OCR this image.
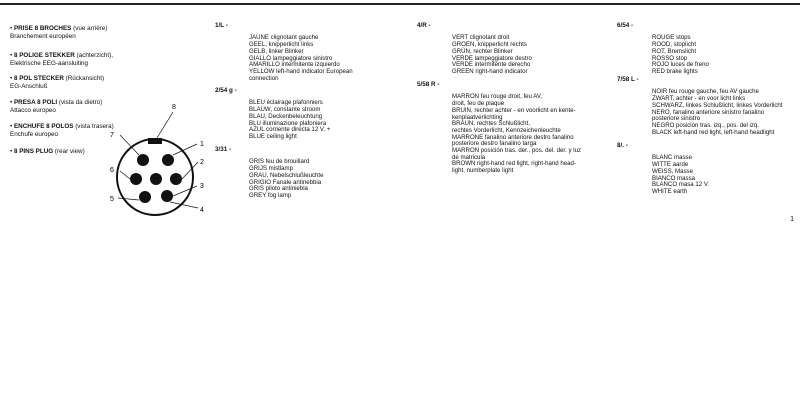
• PRISE 8 BROCHES (vue arrière)
Branchement européen
• 8 POLIGE STEKKER (achterzicht),
Elektrische EEG-aansluiting
• 8 POL STECKER (Rückansicht)
EG-Anschluß
• PRESA 8 POLI (vista da dietro)
Attacco europeo
• ENCHUFE 8 POLOS (vista trasera)
Enchufe europeo
• 8 PINS PLUG (rear view)
1
2
3
4
5
6
7
8
1/L -

JAUNE clignotant gauche
GEEL, knipperlicht links
GELB, linker Blinker
GIALLO lampeggiatore sinistro
AMARILLO intermitente izquierdo
YELLOW left-hand indicator European
connection

2/54 g -

BLEU éclairage plafonniers
BLAUW, constante stroom
BLAU, Deckenbeleuchtung
BLU illuminazione plafoniera
AZUL corriente directa 12 V. +
BLUE ceiling light

3/31 -

GRIS feu de brouillard
GRIJS mistlamp
GRAU, Nebelschlußleuchte
GRIGIO Fanale antinebbia
GRIS piloto antiniebla
GREY fog lamp

4/R -

VERT clignotant droit
GROEN, knipperlicht rechts
GRÜN, rechter Blinker
VERDE lampeggiatore destro
VERDE intermitente derecho
GREEN right-hand indicator

5/58 R -

MARRON feu rouge droit, feu AV,
droit, feu de plaque
BRUIN, rechter achter - en voorlicht en kente-
kenplaatverlichting
BRAUN, rechtes Schlußlicht,
rechtes Vorderlicht, Kennzeichenleuchte
MARRONE fanalino anteriore destro fanalino
posteriore destro fanalino targa
MARRON posición tras. der., pos. del. der. y luz
de matricula
BROWN right-hand red light, right-hand head-
light, numberplate light

6/54 -

ROUGE stops
ROOD, stoplicht
ROT, Bremslicht
ROSSO stop
ROJO luces de freno
RED brake lights

7/58 L -

NOIR feu rouge gauche, feu AV gauche
ZWART, achter - en voor licht links
SCHWARZ, linkes Schlußlicht, linkes Vorderlicht
NERO, fanalino anteriore sinistro fanalino
posteriore sinistro
NEGRO posición tras. izq., pos. del izq.
BLACK left-hand red light, left-hand headlight

8/. -

BLANC masse
WITTE aarde
WEISS, Masse
BIANCO massa
BLANCO masa 12 V.
WHITE earth

1
